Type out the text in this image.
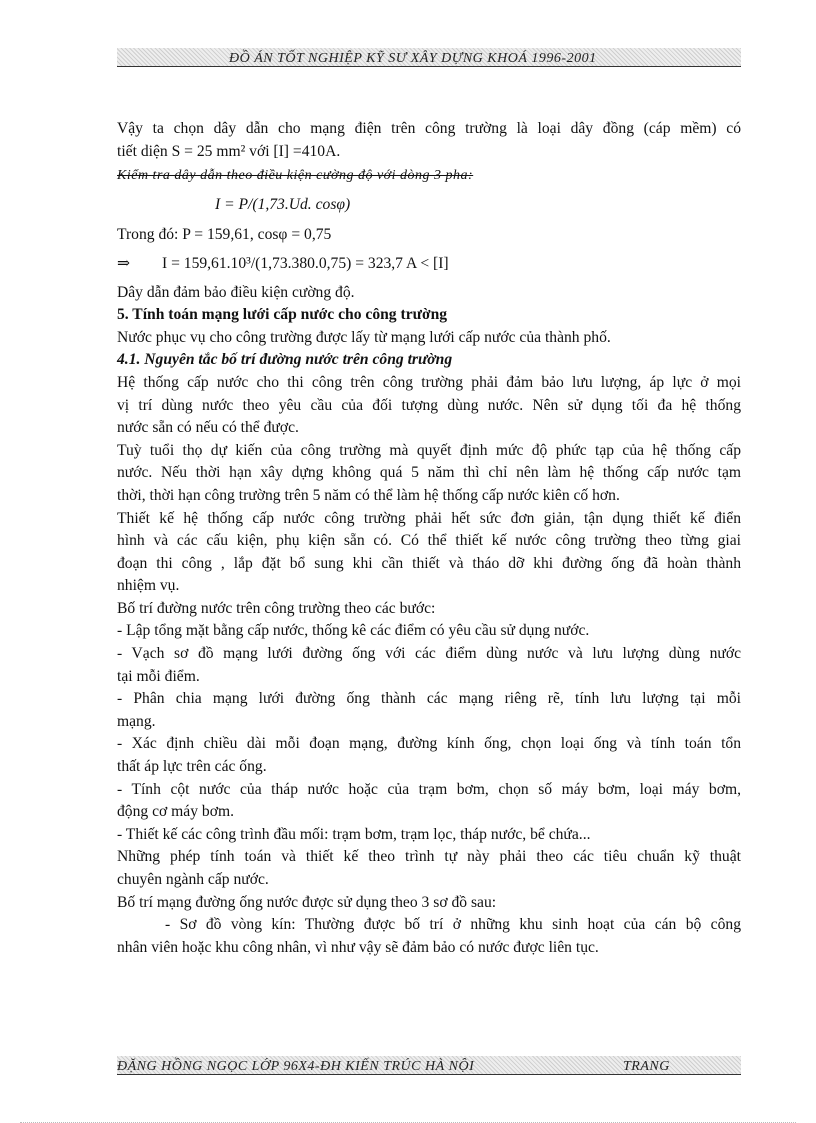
ĐỒ ÁN TỐT NGHIỆP KỸ SƯ XÂY DỰNG KHOÁ 1996-2001

Vậy ta chọn dây dẫn cho mạng điện trên công trường là loại dây đồng (cáp mềm) có

tiết diện S = 25 mm² với [I] =410A.

Kiểm tra dây dẫn theo điều kiện cường độ với dòng 3 pha:

I = P/(1,73.Ud. cosφ)

Trong đó: P = 159,61, cosφ = 0,75

⇒ I = 159,61.10³/(1,73.380.0,75) = 323,7 A < [I]

Dây dẫn đảm bảo điều kiện cường độ.

5. Tính toán mạng lưới cấp nước cho công trường

Nước phục vụ cho công trường được lấy từ mạng lưới cấp nước của thành phố.

4.1. Nguyên tắc bố trí đường nước trên công trường

Hệ thống cấp nước cho thi công trên công trường phải đảm bảo lưu lượng, áp lực ở mọi

vị trí dùng nước theo yêu cầu của đối tượng dùng nước. Nên sử dụng tối đa hệ thống

nước sẵn có nếu có thể được.

Tuỳ tuổi thọ dự kiến của công trường mà quyết định mức độ phức tạp của hệ thống cấp

nước. Nếu thời hạn xây dựng không quá 5 năm thì chỉ nên làm hệ thống cấp nước tạm

thời, thời hạn công trường trên 5 năm có thể làm hệ thống cấp nước kiên cố hơn.

Thiết kế hệ thống cấp nước công trường phải hết sức đơn giản, tận dụng thiết kế điển

hình và các cấu kiện, phụ kiện sẵn có. Có thể thiết kế nước công trường theo từng giai

đoạn thi công , lắp đặt bổ sung khi cần thiết và tháo dỡ khi đường ống đã hoàn thành

nhiệm vụ.

Bố trí đường nước trên công trường theo các bước:

- Lập tổng mặt bằng cấp nước, thống kê các điểm có yêu cầu sử dụng nước.

- Vạch sơ đồ mạng lưới đường ống với các điểm dùng nước và lưu lượng dùng nước

tại mỗi điểm.

- Phân chia mạng lưới đường ống thành các mạng riêng rẽ, tính lưu lượng tại mỗi

mạng.

- Xác định chiều dài mỗi đoạn mạng, đường kính ống, chọn loại ống và tính toán tổn

thất áp lực trên các ống.

- Tính cột nước của tháp nước hoặc của trạm bơm, chọn số máy bơm, loại máy bơm,

động cơ máy bơm.

- Thiết kế các công trình đầu mối: trạm bơm, trạm lọc, tháp nước, bể chứa...

Những phép tính toán và thiết kế theo trình tự này phải theo các tiêu chuẩn kỹ thuật

chuyên ngành cấp nước.

Bố trí mạng đường ống nước được sử dụng theo 3 sơ đồ sau:

- Sơ đồ vòng kín: Thường được bố trí ở những khu sinh hoạt của cán bộ công

nhân viên hoặc khu công nhân, vì như vậy sẽ đảm bảo có nước được liên tục.

ĐẶNG HỒNG NGỌC LỚP 96X4-ĐH KIẾN TRÚC HÀ NỘI	TRANG
